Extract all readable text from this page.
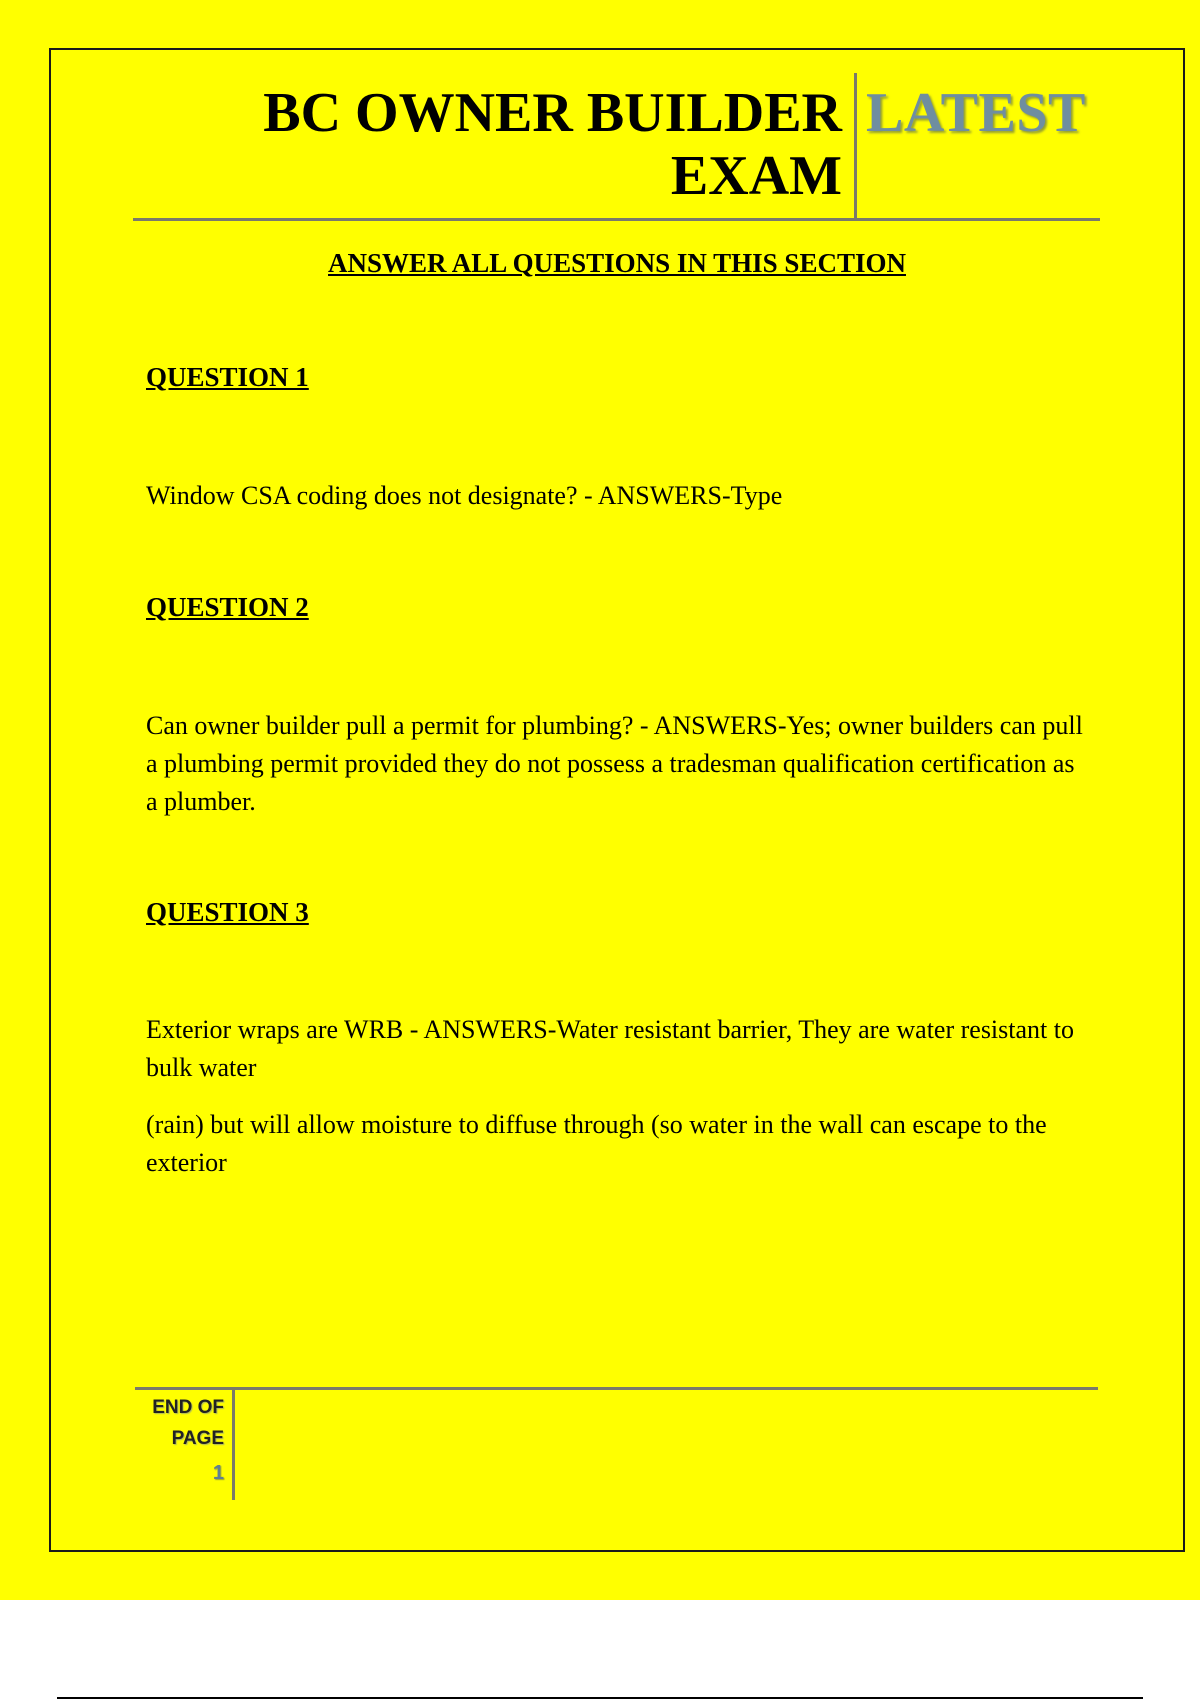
BC OWNER BUILDER
EXAM
LATEST
ANSWER ALL QUESTIONS IN THIS SECTION
QUESTION 1
Window CSA coding does not designate? - ANSWERS-Type
QUESTION 2
Can owner builder pull a permit for plumbing? - ANSWERS-Yes; owner builders can pull a plumbing permit provided they do not possess a tradesman qualification certification as a plumber.
QUESTION 3
Exterior wraps are WRB - ANSWERS-Water resistant barrier, They are water resistant to bulk water
(rain) but will allow moisture to diffuse through (so water in the wall can escape to the exterior
END OF
PAGE
1
